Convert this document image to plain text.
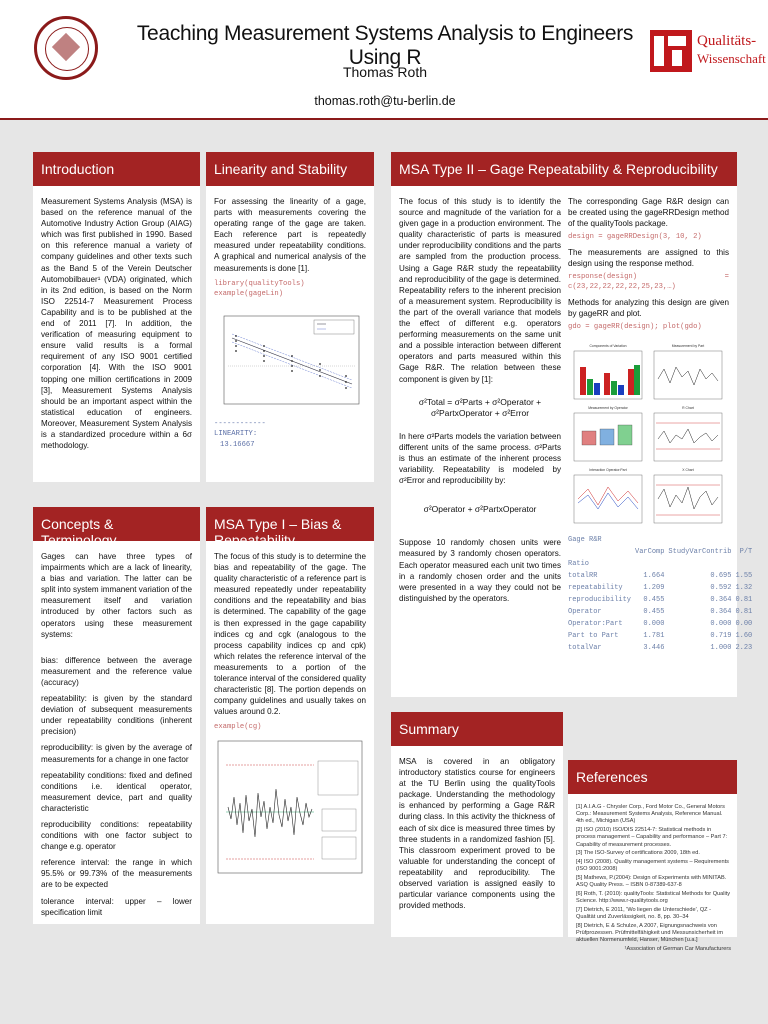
Teaching Measurement Systems Analysis to Engineers Using R
Thomas Roth
thomas.roth@tu-berlin.de
Qualitäts-
Wissenschaft
Introduction
Measurement Systems Analysis (MSA) is based on the reference manual of the Automotive Industry Action Group (AIAG) which was first published in 1990. Based on this reference manual a variety of company guidelines and other texts such as the Band 5 of the Verein Deutscher Automobilbauer¹ (VDA) originated, which in its 2nd edition, is based on the Norm ISO 22514-7 Measurement Process Capability and is to be published at the end of 2011 [7]. In addition, the verification of measuring equipment to ensure valid results is a formal requirement of any ISO 9001 certified corporation [4]. With the ISO 9001 topping one million certifications in 2009 [3], Measurement Systems Analysis should be an important aspect within the statistical education of engineers. Moreover, Measurement System Analysis is a standardized procedure within a 6σ methodology.
Linearity and Stability

For assessing the linearity of a gage, parts with measurements covering the operating range of the gage are taken. Each reference part is repeatedly measured under repeatability conditions. A graphical and numerical analysis of the measurements is done [1].

library(qualityTools)
example(gageLin)
------------
LINEARITY:
13.16667
Concepts & Terminology

Gages can have three types of impairments which are a lack of linearity, a bias and variation. The latter can be split into system immanent variation of the measurement itself and variation introduced by other factors such as operators using these measurement systems:

bias: difference between the average measurement and the reference value (accuracy)

repeatability: is given by the standard deviation of subsequent measurements under repeatability conditions (inherent precision)

reproducibility: is given by the average of measurements for a change in one factor

repeatability conditions: fixed and defined conditions i.e. identical operator, measurement device, part and quality characteristic

reproducibility conditions: repeatability conditions with one factor subject to change e.g. operator

reference interval: the range in which 95.5% or 99.73% of the measurements are to be expected

tolerance interval: upper – lower specification limit

MSA Type I – Bias & Repeatability

The focus of this study is to determine the bias and repeatability of the gage. The quality characteristic of a reference part is measured repeatedly under repeatability conditions and the repeatability and bias is determined. The capability of the gage is then expressed in the gage capability indices cg and cgk (analogous to the process capability indices cp and cpk) which relates the reference interval of the measurements to a portion of the tolerance interval of the considered quality characteristic [8]. The portion depends on company guidelines and usually takes on values around 0.2.

example(cg)
MSA Type II – Gage Repeatability & Reproducibility

The focus of this study is to identify the source and magnitude of the variation for a given gage in a production environment. The quality characteristic of parts is measured under reproducibility conditions and the parts are sampled from the production process. Using a Gage R&R study the repeatability and reproducibility of the gage is determined. Repeatability refers to the inherent precision of a measurement system. Reproducibility is the part of the overall variance that models the effect of different e.g. operators performing measurements on the same unit and a possible interaction between different operators and parts measured within this Gage R&R. The relation between these component is given by [1]:

σ²Total = σ²Parts + σ²Operator + σ²PartxOperator + σ²Error

In here σ²Parts models the variation between different units of the same process. σ²Parts is thus an estimate of the inherent process variability. Repeatability is modeled by σ²Error and reproducibility by:

σ²Operator + σ²PartxOperator

Suppose 10 randomly chosen units were measured by 3 randomly chosen operators. Each operator measured each unit two times in a randomly chosen order and the units were presented in a way they could not be distinguished by the operators.

The corresponding Gage R&R design can be created using the gageRRDesign method of the qualityTools package.

design = gageRRDesign(3, 10, 2)

The measurements are assigned to this design using the response method.

response(design) = c(23,22,22,22,22,25,23,…)

Methods for analyzing this design are given by gageRR and plot.

gdo = gageRR(design); plot(gdo)
Components of Variation	Measurement by Part
Measurement by Operator	R Chart
Interaction Operator:Part	X Chart
Gage R&R			
	VarComp	StudyVarContrib	P/T
Ratio			
totalRR	1.664	0.695	1.55
repeatability	1.209	0.592	1.32
reproducibility	0.455	0.364	0.81
Operator	0.455	0.364	0.81
Operator:Part	0.000	0.000	0.00
Part to Part	1.781	0.719	1.60
totalVar	3.446	1.000	2.23
Summary
MSA is covered in an obligatory introductory statistics course for engineers at the TU Berlin using the qualityTools package. Understanding the methodology is enhanced by performing a Gage R&R during class. In this activity the thickness of each of six dice is measured three times by three students in a randomized fashion [5]. This classroom experiment proved to be valuable for understanding the concept of repeatability and reproducibility. The observed variation is assigned easily to particular variance components using the provided methods.
References
[1] A.I.A.G - Chrysler Corp., Ford Motor Co., General Motors Corp.: Measurement Systems Analysis, Reference Manual. 4th ed., Michigan (USA)
[2] ISO (2010) ISO/DIS 22514-7: Statistical methods in process management – Capability and performance – Part 7: Capability of measurement processes.
[3] The ISO-Survey of certifications 2009, 18th ed.
[4] ISO (2008). Quality management systems – Requirements (ISO 9001:2008)
[5] Mathews, P.(2004): Design of Experiments with MINITAB. ASQ Quality Press. – ISBN 0-87389-637-8
[6] Roth, T. (2010): qualityTools: Statistical Methods for Quality Science. http://www.r-qualitytools.org
[7] Dietrich, E 2011, 'Wo liegen die Unterschiede', QZ - Qualität und Zuverlässigkeit, no. 8, pp. 30–34
[8] Dietrich, E & Schulze, A 2007, Eignungsnachweis von Prüfprozessen. Prüfmittelfähigkeit und Messunsicherheit im aktuellen Normenumfeld, Hanser, München [u.a.]
¹Association of German Car Manufacturers
